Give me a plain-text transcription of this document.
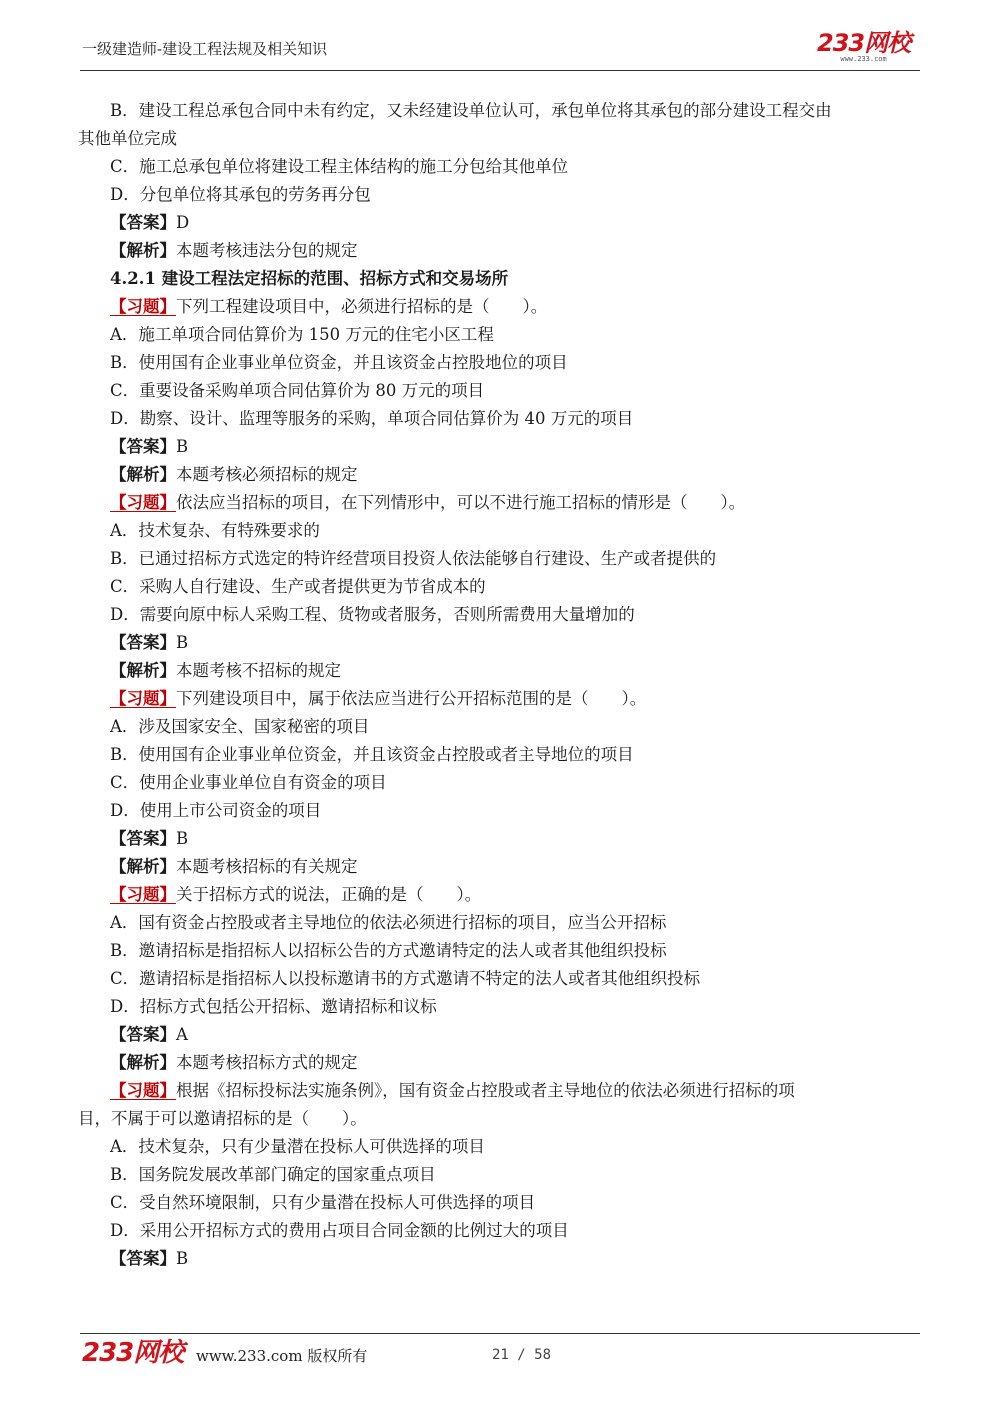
一级建造师-建设工程法规及相关知识	233网校
www.233.com
B．建设工程总承包合同中未有约定，又未经建设单位认可，承包单位将其承包的部分建设工程交由
其他单位完成
C．施工总承包单位将建设工程主体结构的施工分包给其他单位
D．分包单位将其承包的劳务再分包
【答案】D
【解析】本题考核违法分包的规定
4.2.1 建设工程法定招标的范围、招标方式和交易场所
【习题】下列工程建设项目中，必须进行招标的是（　　）。
A．施工单项合同估算价为 150 万元的住宅小区工程
B．使用国有企业事业单位资金，并且该资金占控股地位的项目
C．重要设备采购单项合同估算价为 80 万元的项目
D．勘察、设计、监理等服务的采购，单项合同估算价为 40 万元的项目
【答案】B
【解析】本题考核必须招标的规定
【习题】依法应当招标的项目，在下列情形中，可以不进行施工招标的情形是（　　）。
A．技术复杂、有特殊要求的
B．已通过招标方式选定的特许经营项目投资人依法能够自行建设、生产或者提供的
C．采购人自行建设、生产或者提供更为节省成本的
D．需要向原中标人采购工程、货物或者服务，否则所需费用大量增加的
【答案】B
【解析】本题考核不招标的规定
【习题】下列建设项目中，属于依法应当进行公开招标范围的是（　　）。
A．涉及国家安全、国家秘密的项目
B．使用国有企业事业单位资金，并且该资金占控股或者主导地位的项目
C．使用企业事业单位自有资金的项目
D．使用上市公司资金的项目
【答案】B
【解析】本题考核招标的有关规定
【习题】关于招标方式的说法，正确的是（　　）。
A．国有资金占控股或者主导地位的依法必须进行招标的项目，应当公开招标
B．邀请招标是指招标人以招标公告的方式邀请特定的法人或者其他组织投标
C．邀请招标是指招标人以投标邀请书的方式邀请不特定的法人或者其他组织投标
D．招标方式包括公开招标、邀请招标和议标
【答案】A
【解析】本题考核招标方式的规定
【习题】根据《招标投标法实施条例》，国有资金占控股或者主导地位的依法必须进行招标的项
目，不属于可以邀请招标的是（　　）。
A．技术复杂，只有少量潜在投标人可供选择的项目
B．国务院发展改革部门确定的国家重点项目
C．受自然环境限制，只有少量潜在投标人可供选择的项目
D．采用公开招标方式的费用占项目合同金额的比例过大的项目
【答案】B
233网校 www.233.com 版权所有	21 / 58
